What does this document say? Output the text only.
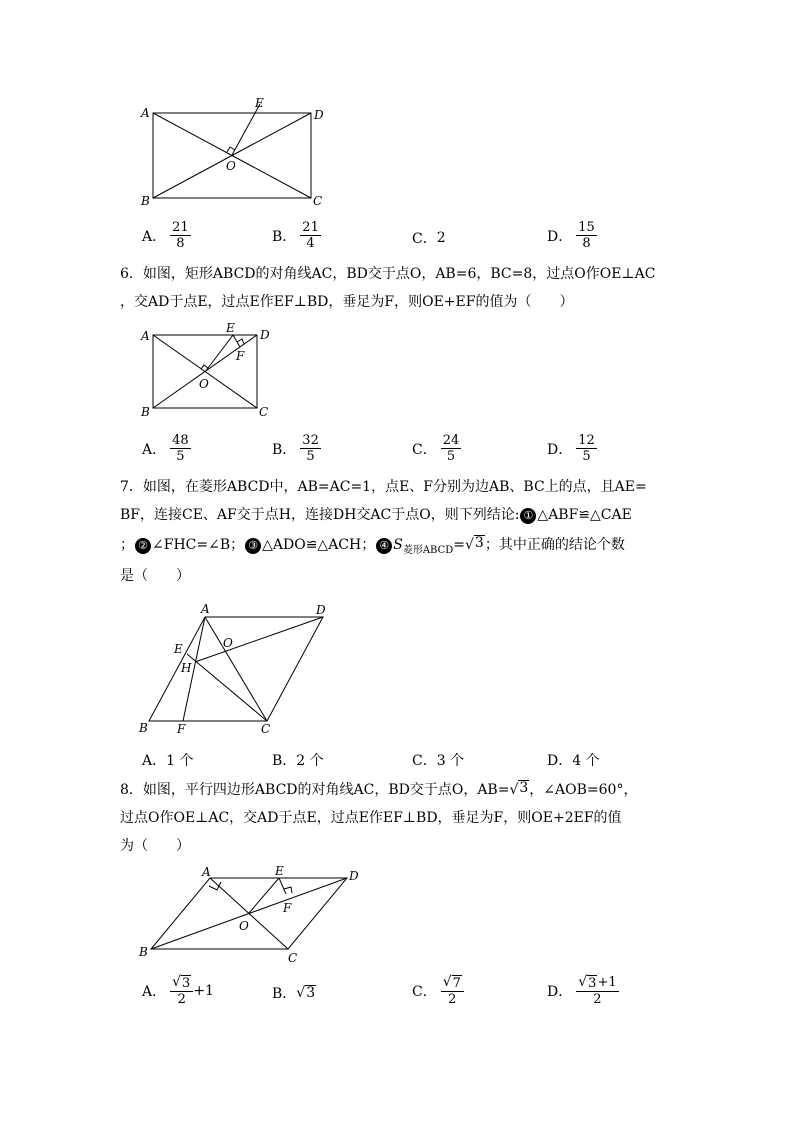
A
B	C
D
E
O
A． $\frac{21}{8}$	B． $\frac{21}{4}$	C． 2	D． $\frac{15}{8}$
6．如图，矩形ABCD的对角线AC，BD交于点O，AB=6，BC=8，过点O作OE⊥AC
，交AD于点E，过点E作EF⊥BD，垂足为F，则OE+EF的值为（　　）
A
B	C
D
E
F
O
A． $\frac{48}{5}$	B． $\frac{32}{5}$	C． $\frac{24}{5}$	D． $\frac{12}{5}$
7．如图，在菱形ABCD中，AB=AC=1，点E、F分别为边AB、BC上的点，且AE=
BF，连接CE、AF交于点H，连接DH交AC于点O，则下列结论: ① △ABF≌△CAE
； ② ∠FHC=∠B； ③ △ADO≌△ACH； ④ $S_{菱形ABCD}=$ √ 3 ；其中正确的结论个数
是（　　）
A
B	C
D
E
F
H
O
A． 1 个	B． 2 个	C． 3 个	D． 4 个
8．如图，平行四边形ABCD的对角线AC，BD交于点O，AB= √ 3 ，∠AOB=60°，
过点O作OE⊥AC，交AD于点E，过点E作EF⊥BD，垂足为F，则OE+2EF的值
为（　　）
A
B	C
D
E
F
O
A． $\frac{√ 3}{2} +1$	B． √ 3	C． $\frac{√ 7}{2}$	D． $\frac{√ 3 +1}{2}$
